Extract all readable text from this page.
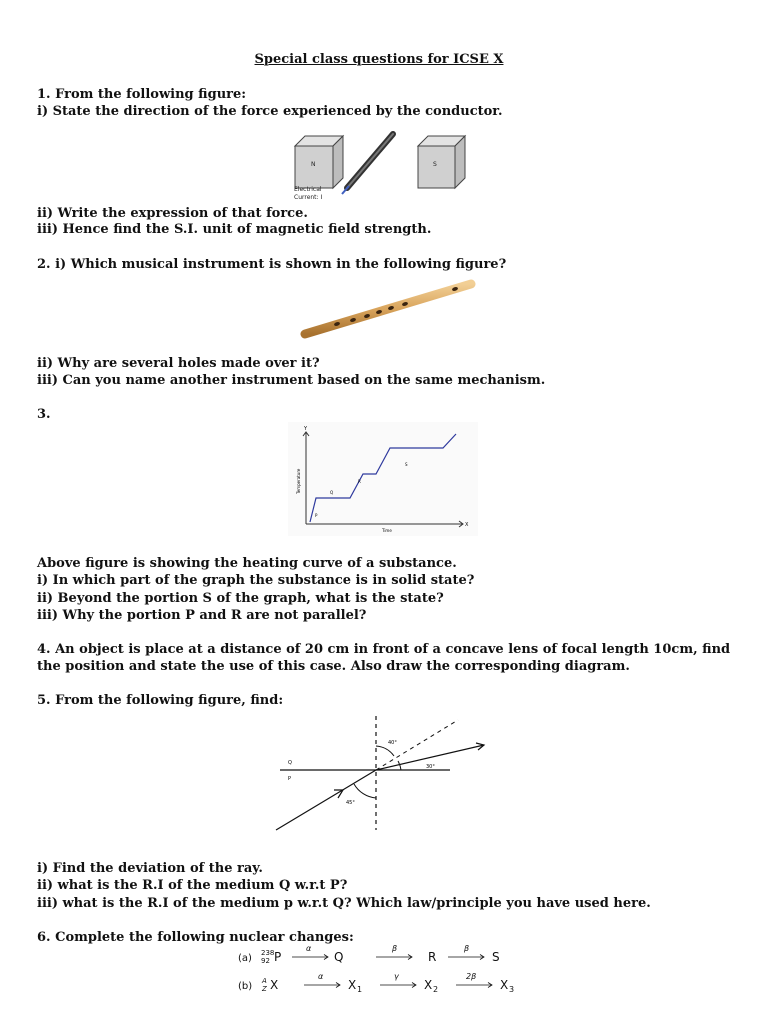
Special class questions for ICSE X
1. From the following figure:
i) State the direction of the force experienced by the conductor.
N	S
Electrical
Current: I
ii) Write the expression of that force.
iii) Hence find the S.I. unit of magnetic field strength.
2. i) Which musical instrument is shown in the following figure?
ii) Why are several holes made over it?
iii) Can you name another instrument based on the same mechanism.
3.
Y
X
Temperature
Time
P
Q
R
S
Above figure is showing the heating curve of a substance.
i) In which part of the graph the substance is in solid state?
ii) Beyond the portion S of the graph, what is the state?
iii) Why the portion P and R are not parallel?
4. An object is place at a distance of 20 cm in front of a concave lens of focal length 10cm, find the position and state the use of this case. Also draw the corresponding diagram.
5. From the following figure, find:
40°
30°
45°
Q
P
i) Find the deviation of the ray.
ii) what is the R.I of the medium Q w.r.t P?
iii) what is the R.I of the medium p w.r.t Q? Which law/principle you have used here.
6. Complete the following nuclear changes:
(a) 238
92 P
α
Q
β
R
β
S
(b) A
Z X
α
X 1
γ
X 2
2β
X 3
